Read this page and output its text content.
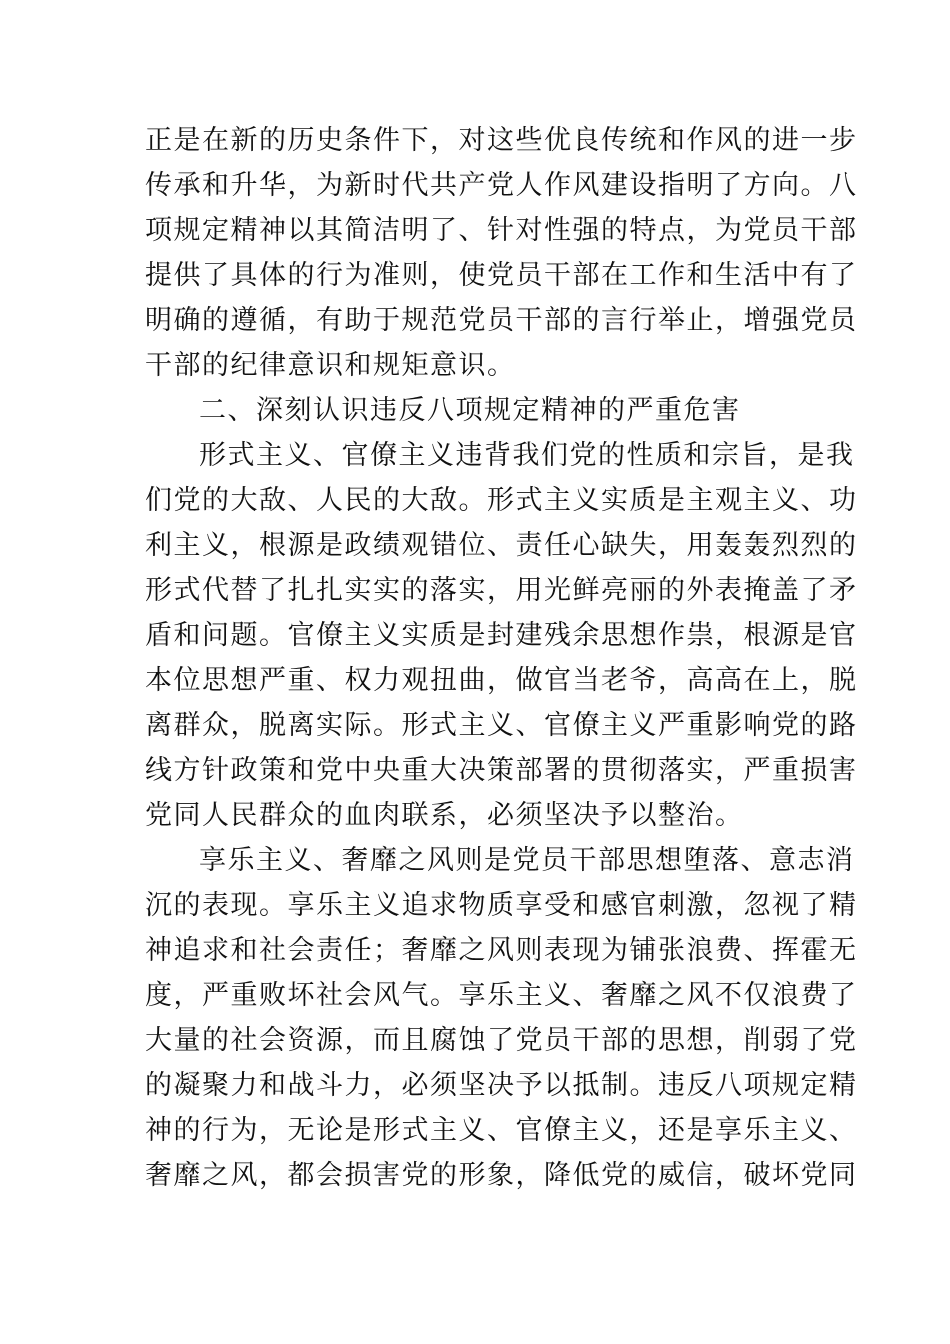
正是在新的历史条件下，对这些优良传统和作风的进一步
传承和升华，为新时代共产党人作风建设指明了方向。八
项规定精神以其简洁明了、针对性强的特点，为党员干部
提供了具体的行为准则，使党员干部在工作和生活中有了
明确的遵循，有助于规范党员干部的言行举止，增强党员
干部的纪律意识和规矩意识。
二、深刻认识违反八项规定精神的严重危害
形式主义、官僚主义违背我们党的性质和宗旨，是我
们党的大敌、人民的大敌。形式主义实质是主观主义、功
利主义，根源是政绩观错位、责任心缺失，用轰轰烈烈的
形式代替了扎扎实实的落实，用光鲜亮丽的外表掩盖了矛
盾和问题。官僚主义实质是封建残余思想作祟，根源是官
本位思想严重、权力观扭曲，做官当老爷，高高在上，脱
离群众，脱离实际。形式主义、官僚主义严重影响党的路
线方针政策和党中央重大决策部署的贯彻落实，严重损害
党同人民群众的血肉联系，必须坚决予以整治。
享乐主义、奢靡之风则是党员干部思想堕落、意志消
沉的表现。享乐主义追求物质享受和感官刺激，忽视了精
神追求和社会责任；奢靡之风则表现为铺张浪费、挥霍无
度，严重败坏社会风气。享乐主义、奢靡之风不仅浪费了
大量的社会资源，而且腐蚀了党员干部的思想，削弱了党
的凝聚力和战斗力，必须坚决予以抵制。违反八项规定精
神的行为，无论是形式主义、官僚主义，还是享乐主义、
奢靡之风，都会损害党的形象，降低党的威信，破坏党同
